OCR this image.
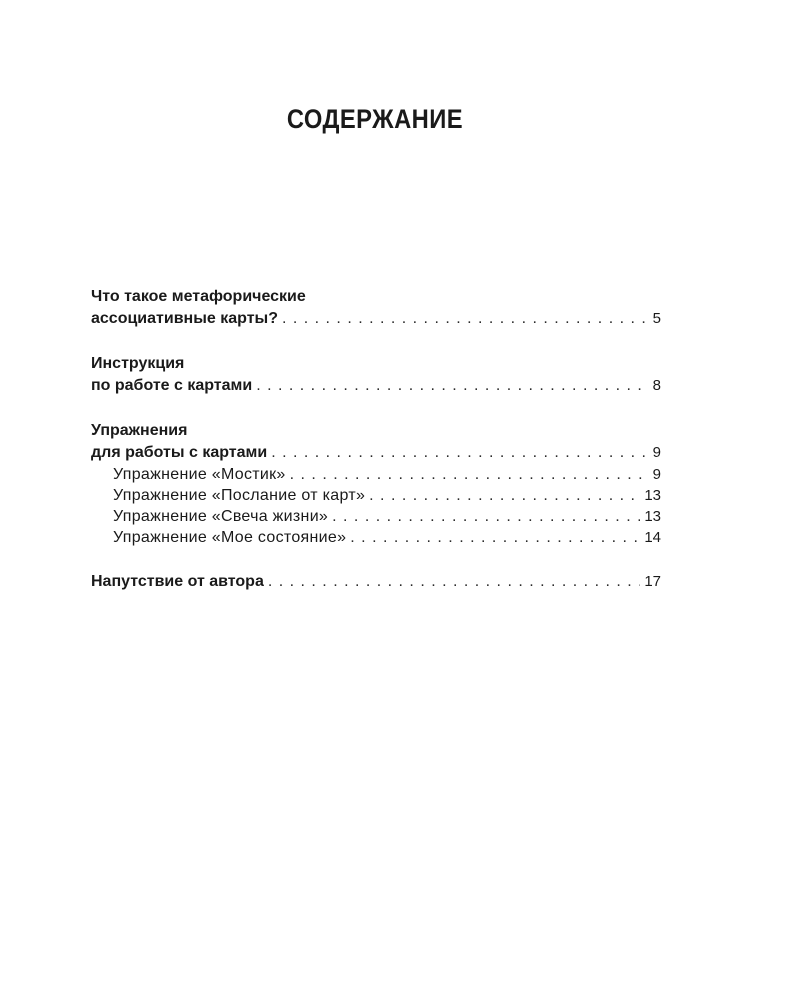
СОДЕРЖАНИЕ
Что такое метафорические
ассоциативные карты? . . .	5
Инструкция
по работе с картами . . .	8
Упражнения
для работы с картами . . .	9
Упражнение «Мостик» . . .	9
Упражнение «Послание от карт» . . .	13
Упражнение «Свеча жизни» . . .	13
Упражнение «Мое состояние» . . .	14
Напутствие от автора . . .	17
